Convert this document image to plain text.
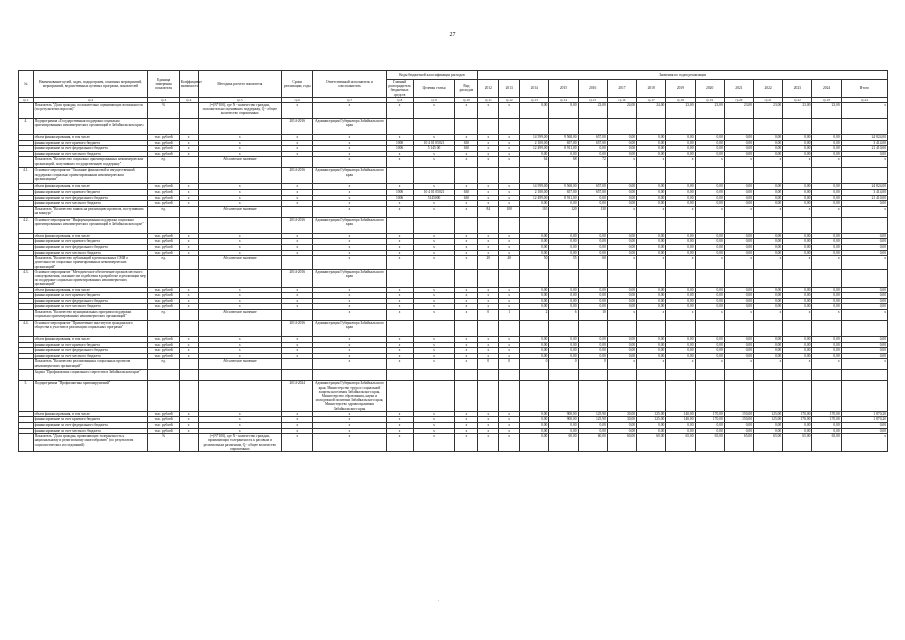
27
№	Наименование целей, задач, подпрограмм, основных мероприятий, мероприятий, ведомственных целевых программ, показателей	Единица измерения показателя	Коэффициент значимости	Методика расчета показателя	Сроки реализации, годы	Ответственный исполнитель и соисполнитель	Коды бюджетной классификации расходов			Значения по годам реализации													
							Главный распорядитель бюджетных средств	Целевая статья	Вид расходов	2012	2013	2014	2015	2016	2017	2018	2019	2020	2021	2022	2023	2024	Итого
гр.1	гр.2	гр.3	гр.4	гр.5	гр.6	гр.7	гр.8	гр.9	гр.10	гр.11	гр.12	гр.13	гр.14	гр.15	гр.16	гр.17	гр.18	гр.19	гр.20	гр.21	гр.22	гр.23	гр.24
	Показатель "Доля граждан, положительно оценивающих возможности (по результатам опросов)"	%		(=(N*100), где N - количество граждан, положительно оценивших поддержку, Q - общее количество опрошенных	х	х	х	х	х	х	х	0,00	8,00	23,00	24,00	24,00	23,00	23,00	23,00	23,00	23,00	23,00	х
4.	Подпрограмма «Государственная поддержка социально ориентированных некоммерческих организаций в Забайкальском крае»				2014-2016	Администрация Губернатора Забайкальского края																	
	объем финансирования, в том числе	тыс. рублей	х	х	х	х	х	х	х	х	х	14 599,00	9 568,00	657,00	0,00	0,00	0,00	0,00	0,00	0,00	0,00	0,00	24 824,00
	финансирование за счет краевого бюджета	тыс. рублей	х	х	х	х	1000	10 4 01 05021	630	х	х	2 100,00	657,00	657,00	0,00	0,00	0,00	0,00	0,00	0,00	0,00	0,00	3 414,00
	финансирование за счет федерального бюджета	тыс. рублей	х	х	х	х	1006	5 145 00	630	х	х	12 499,00	8 911,00	0,00	0,00	0,00	0,00	0,00	0,00	0,00	0,00	0,00	21 410,00
	финансирование за счет местного бюджета	тыс. рублей	х	х	х	х	х	х	х	х	х	0,00	0,00	0,00	0,00	0,00	0,00	0,00	0,00	0,00	0,00	0,00	0,00
	Показатель "Количество социально ориентированных некоммерческих организаций, получивших государственную поддержку"	ед.		Абсолютное значение		х	х	х	х	х	х	64	68	72	х	х	х	х	х	х	х	х	х
4.1.	Основное мероприятие "Оказание финансовой и имущественной поддержки социально ориентированным некоммерческим организациям"				2014-2016	Администрация Губернатора Забайкальского края																	
	объем финансирования, в том числе	тыс. рублей	х	х	х	х	х	х	х	х	х	14 599,00	9 568,00	657,00	0,00	0,00	0,00	0,00	0,00	0,00	0,00	0,00	24 824,00
	финансирование за счет краевого бюджета	тыс. рублей	х	х	х	х	1006	10 4 01 05021	630	х	х	2 100,00	657,00	657,00	0,00	0,00	0,00	0,00	0,00	0,00	0,00	0,00	3 414,00
	финансирование за счет федерального бюджета	тыс. рублей	х	х	х	х	1006	5145000	630	х	х	12 499,00	8 911,00	0,00	0,00	0,00	0,00	0,00	0,00	0,00	0,00	0,00	21 410,00
	финансирование за счет местного бюджета	тыс. рублей	х	х	х	х	х	х	х	х	х	0,00	0,00	0,00	0,00	0,00	0,00	0,00	0,00	0,00	0,00	0,00	0,00
	Показатель "Количество заявок на реализацию проектов, поступивших на конкурс"	ед.		Абсолютное значение		х	х	х	х	84	100	110	120	130	х	х	х	х	х	х	х	х	х
4.2.	Основное мероприятие "Информационная поддержка социально ориентированных некоммерческих организаций в Забайкальском крае"				2014-2016	Администрация Губернатора Забайкальского края																	
	объем финансирования, в том числе	тыс. рублей	х	х	х	х	х	х	х	х	х	0,00	0,00	0,00	0,00	0,00	0,00	0,00	0,00	0,00	0,00	0,00	0,00
	финансирование за счет краевого бюджета	тыс. рублей	х	х	х	х	х	х	х	х	х	0,00	0,00	0,00	0,00	0,00	0,00	0,00	0,00	0,00	0,00	0,00	0,00
	финансирование за счет федерального бюджета	тыс. рублей	х	х	х	х	х	х	х	х	х	0,00	0,00	0,00	0,00	0,00	0,00	0,00	0,00	0,00	0,00	0,00	0,00
	финансирование за счет местного бюджета	тыс. рублей	х	х	х	х	х	х	х	х	х	0,00	0,00	0,00	0,00	0,00	0,00	0,00	0,00	0,00	0,00	0,00	0,00
	Показатель "Количество публикаций в региональных СМИ о деятельности социально ориентированных некоммерческих организаций"	ед.		Абсолютное значение		х	х	х	х	20	40	50	55	60	х	х	х	х	х	х	х	х	х
4.3.	Основное мероприятие "Методическое обеспечение органов местного самоуправления, оказание им содействия в разработке и реализации мер по поддержке социально ориентированных некоммерческих организаций"				2014-2016	Администрация Губернатора Забайкальского края																	
	объем финансирования, в том числе	тыс. рублей	х	х	х	х	х	х	х	х	х	0,00	0,00	0,00	0,00	0,00	0,00	0,00	0,00	0,00	0,00	0,00	0,00
	финансирование за счет краевого бюджета	тыс. рублей	х	х	х	х	х	х	х	х	х	0,00	0,00	0,00	0,00	0,00	0,00	0,00	0,00	0,00	0,00	0,00	0,00
	финансирование за счет федерального бюджета	тыс. рублей	х	х	х	х	х	х	х	х	х	0,00	0,00	0,00	0,00	0,00	0,00	0,00	0,00	0,00	0,00	0,00	0,00
	финансирование за счет местного бюджета	тыс. рублей	х	х	х	х	х	х	х	х	х	0,00	0,00	0,00	0,00	0,00	0,00	0,00	0,00	0,00	0,00	0,00	0,00
	Показатель "Количество муниципальных программ поддержки социально ориентированных некоммерческих организаций"	ед.		Абсолютное значение		х	х	х	х	0	1	2	6	10	х	х	х	х	х	х	х	х	х
4.4.	Основное мероприятие "Привлечение институтов гражданского общества к участию в реализации социальных программ"				2014-2016	Администрация Губернатора Забайкальского края																	
	объем финансирования, в том числе	тыс. рублей	х	х	х	х	х	х	х	х	х	0,00	0,00	0,00	0,00	0,00	0,00	0,00	0,00	0,00	0,00	0,00	0,00
	финансирование за счет краевого бюджета	тыс. рублей	х	х	х	х	х	х	х	х	х	0,00	0,00	0,00	0,00	0,00	0,00	0,00	0,00	0,00	0,00	0,00	0,00
	финансирование за счет федерального бюджета	тыс. рублей	х	х	х	х	х	х	х	х	х	0,00	0,00	0,00	0,00	0,00	0,00	0,00	0,00	0,00	0,00	0,00	0,00
	финансирование за счет местного бюджета	тыс. рублей	х	х	х	х	х	х	х	х	х	0,00	0,00	0,00	0,00	0,00	0,00	0,00	0,00	0,00	0,00	0,00	0,00
	Показатель "Количество реализованных социальных проектов некоммерческих организаций"	ед.		Абсолютное значение		х	х	х	х	0	0	0	0	0	х	х	х	х	х	х	х	х	х
	Задача "Профилактика социального сиротства в Забайкальском крае"																						
5.	Подпрограмма "Профилактика правонарушений"				2014-2024	Администрация Губернатора Забайкальского края, Министерство труда и социальной защиты населения Забайкальского края, Министерство образования, науки и молодежной политики Забайкальского края, Министерство здравоохранения Забайкальского края																	
	объем финансирования, в том числе	тыс. рублей	х	х	х	х	х	х	х	х	х	0,00	900,00	125,90	30,00	125,00	140,00	170,00	150,00	125,00	170,00	170,00	1 870,20
	финансирование за счет краевого бюджета	тыс. рублей	х	х	х	х	х	х	х	х	х	0,00	900,00	125,90	30,00	125,00	140,00	170,00	150,00	125,00	170,00	170,00	1 870,20
	финансирование за счет федерального бюджета	тыс. рублей	х	х	х	х	х	х	х	х	х	0,00	0,00	0,00	0,00	0,00	0,00	0,00	0,00	0,00	0,00	0,00	0,00
	финансирование за счет местного бюджета	тыс. рублей	х	х	х	х	х	х	х	х	х	0,00	0,00	0,00	0,00	0,00	0,00	0,00	0,00	0,00	0,00	0,00	0,00
	Показатель "Доля граждан, проявляющих толерантность к национальному и религиозному многообразию" (по результатам социологических исследований)	%		(=(N*100), где N - количество граждан, проявляющих толерантность к расовым и религиозным различиям, Q - общее количество опрошенных	х	х	х	х	х	х	х	0,00	60,00	60,00	60,00	60,00	65,00	65,00	65,00	65,00	65,00	65,00	х
.
